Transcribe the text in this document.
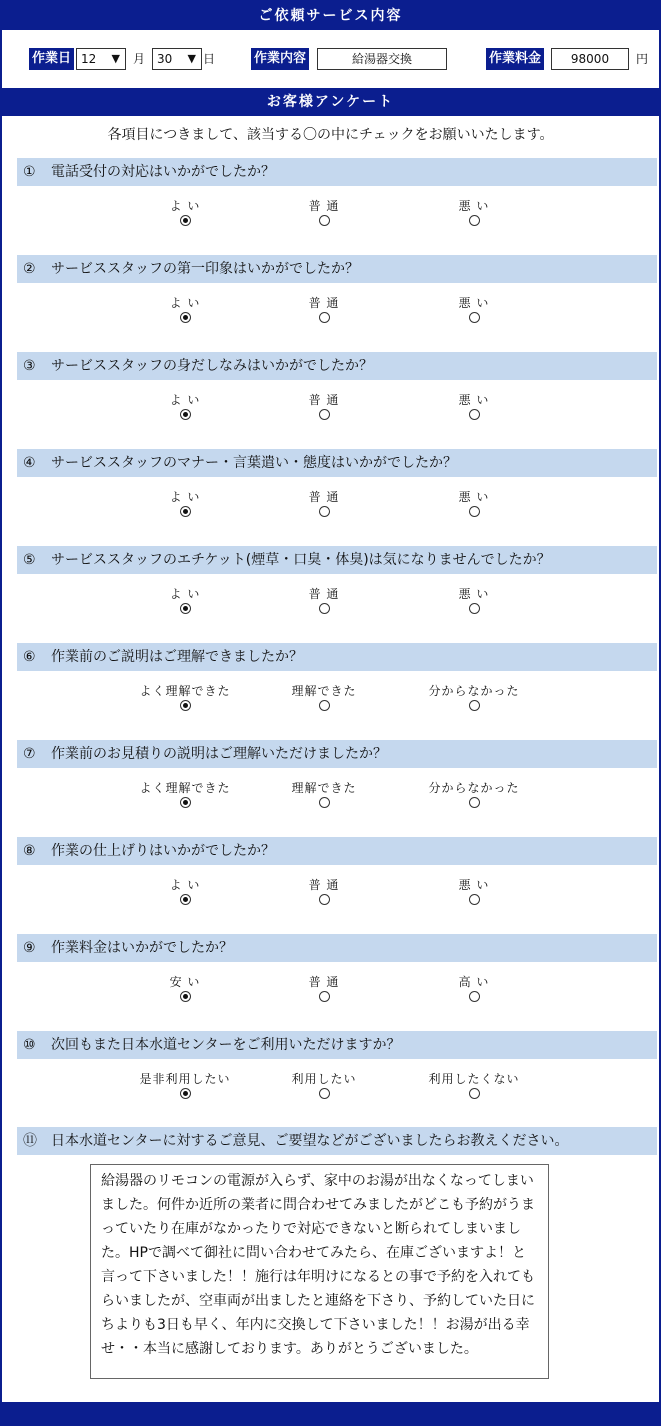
ご依頼サービス内容
作業日 12 ▼ 月 30 ▼ 日	作業内容	給湯器交換	作業料金	98000	円
お客様アンケート
各項目につきまして、該当する〇の中にチェックをお願いいたします。
① 電話受付の対応はいかがでしたか？
よ い	普 通	悪 い
② サービススタッフの第一印象はいかがでしたか？
よ い	普 通	悪 い
③ サービススタッフの身だしなみはいかがでしたか？
よ い	普 通	悪 い
④ サービススタッフのマナー・言葉遣い・態度はいかがでしたか？
よ い	普 通	悪 い
⑤ サービススタッフのエチケット(煙草・口臭・体臭)は気になりませんでしたか？
よ い	普 通	悪 い
⑥ 作業前のご説明はご理解できましたか？
よく理解できた	理解できた	分からなかった
⑦ 作業前のお見積りの説明はご理解いただけましたか？
よく理解できた	理解できた	分からなかった
⑧ 作業の仕上げりはいかがでしたか？
よ い	普 通	悪 い
⑨ 作業料金はいかがでしたか？
安 い	普 通	高 い
⑩ 次回もまた日本水道センターをご利用いただけますか？
是非利用したい	利用したい	利用したくない
⑪ 日本水道センターに対するご意見、ご要望などがございましたらお教えください。
給湯器のリモコンの電源が入らず、家中のお湯が出なくなってしまいました。何件か近所の業者に問合わせてみましたがどこも予約がうまっていたり在庫がなかったりで対応できないと断られてしまいました。HPで調べて御社に問い合わせてみたら、在庫ございますよ！と言って下さいました！！施行は年明けになるとの事で予約を入れてもらいましたが、空車両が出ましたと連絡を下さり、予約していた日にちよりも3日も早く、年内に交換して下さいました！！お湯が出る幸せ・・本当に感謝しております。ありがとうございました。
